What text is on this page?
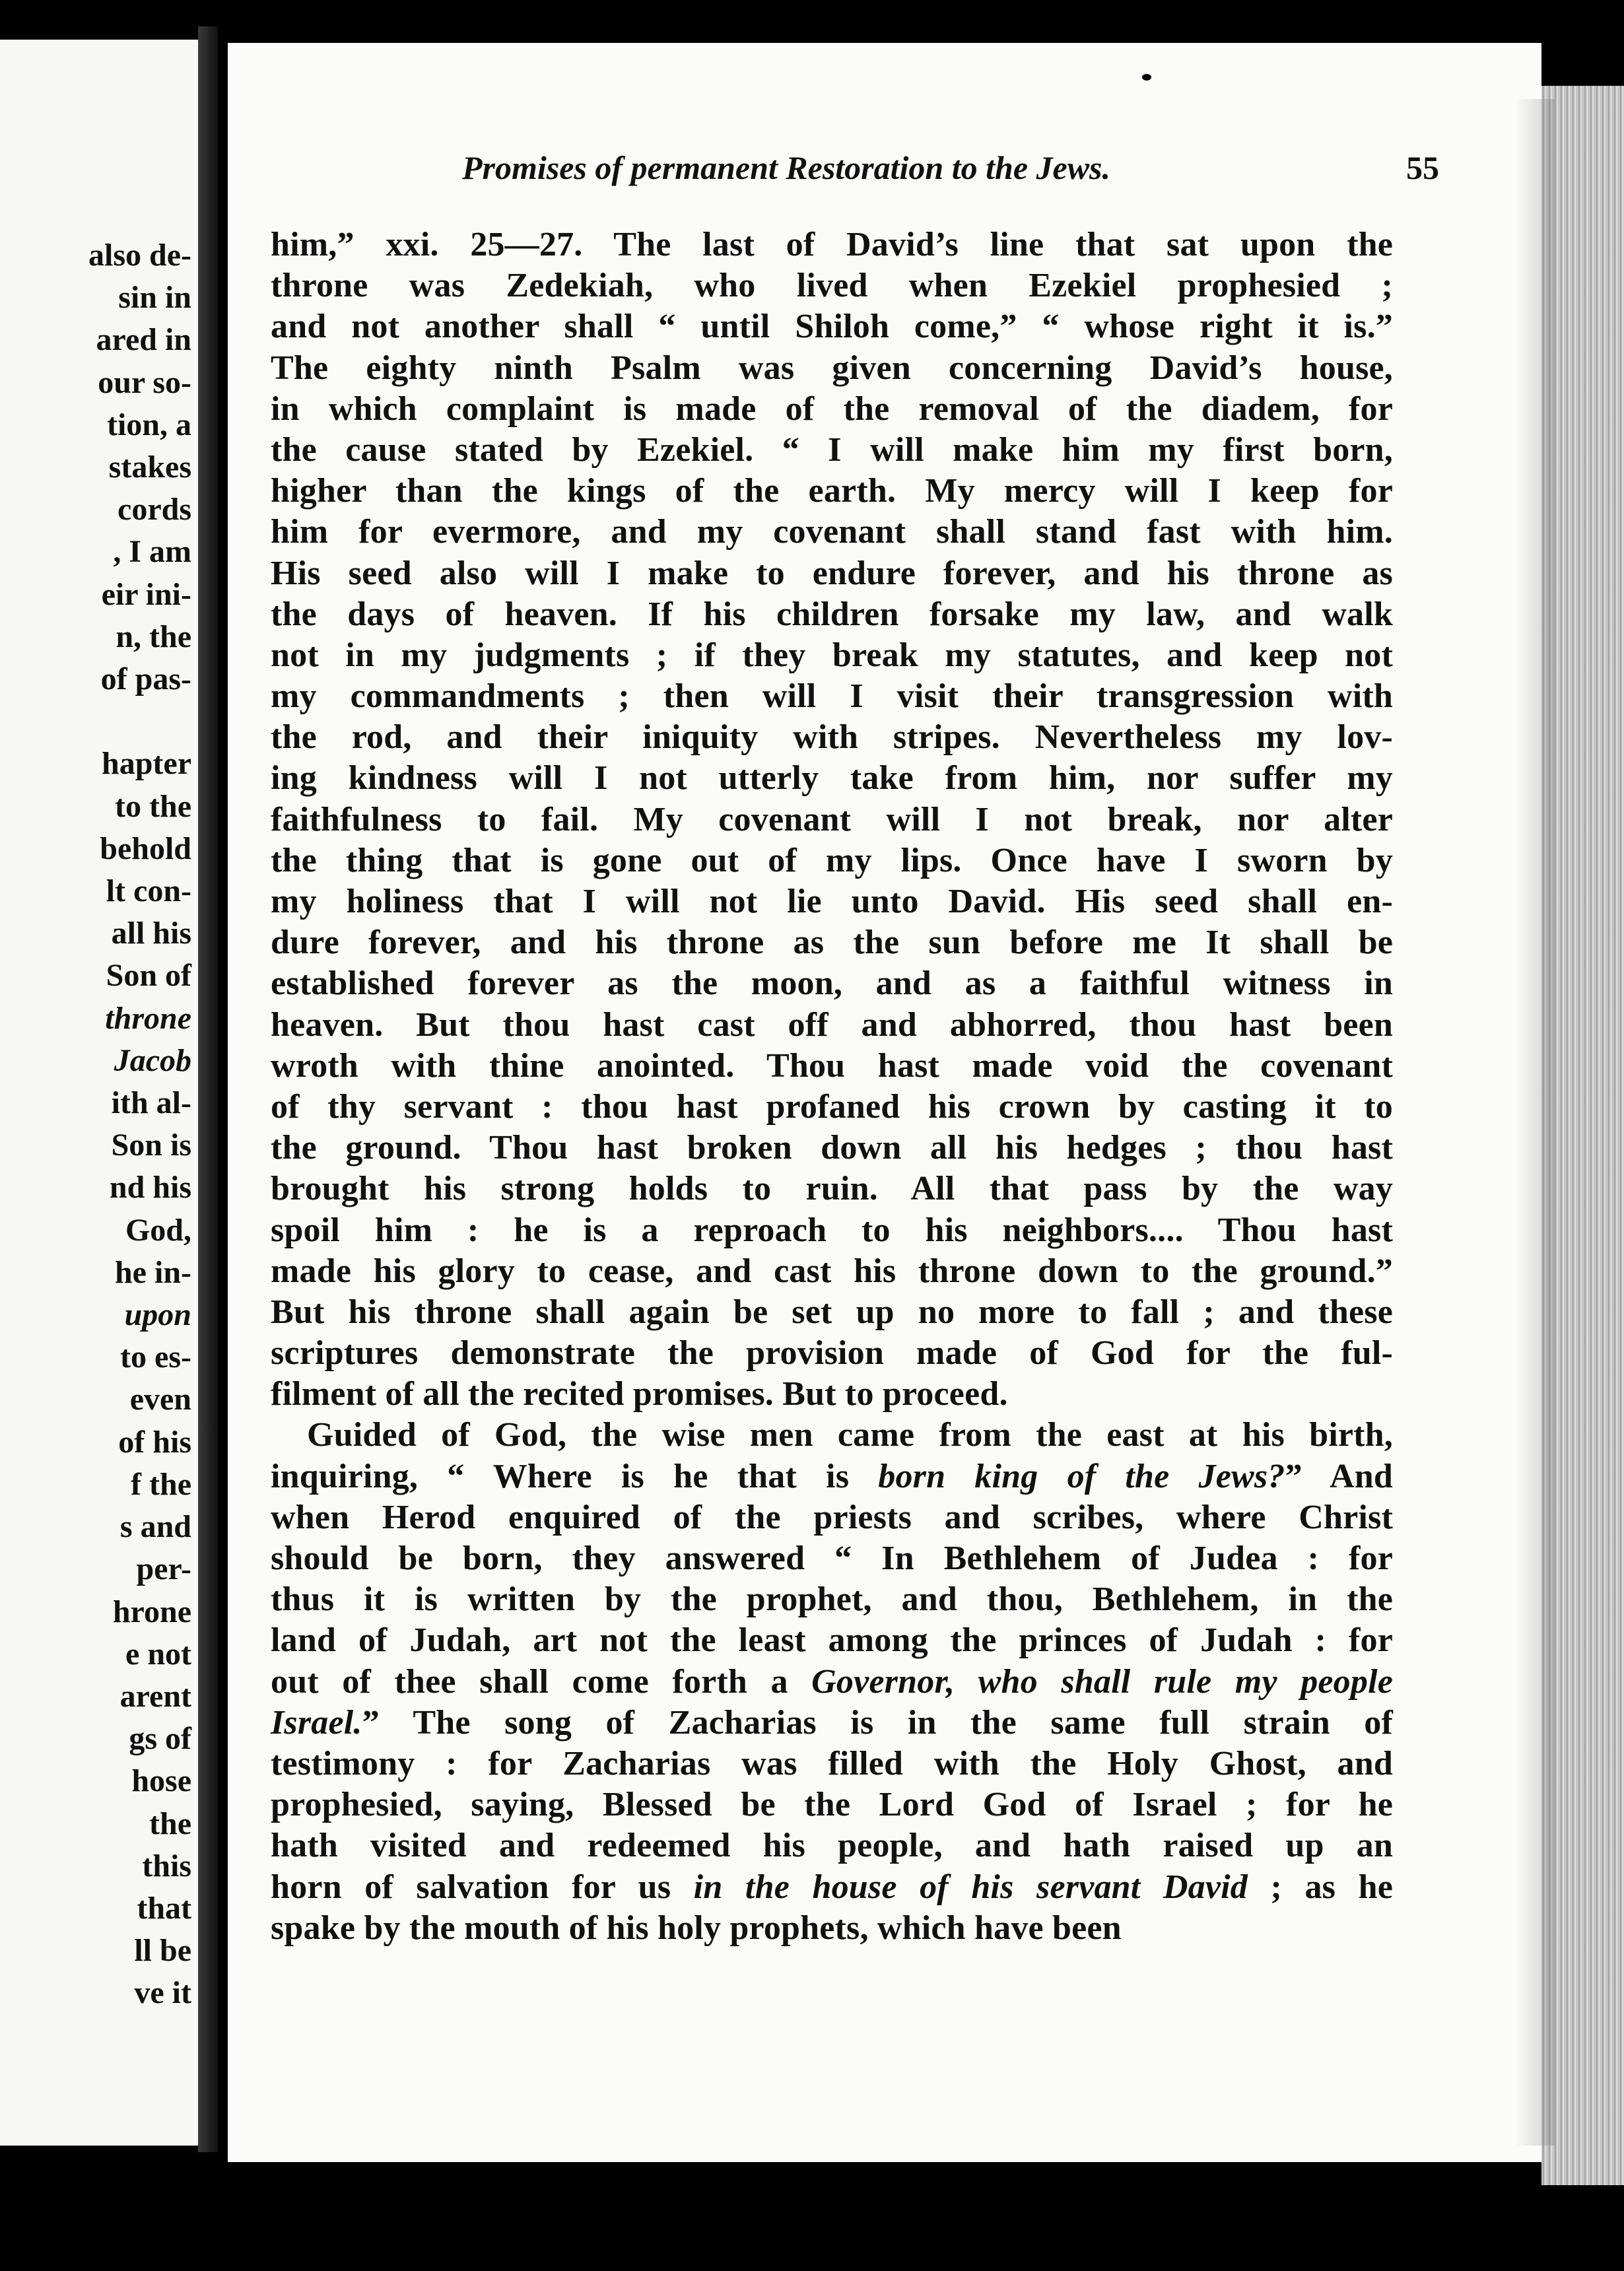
also de-
sin in
ared in
our so-
tion, a
stakes
cords
, I am
eir ini-
n, the
of pas-

hapter
to the
behold
lt con-
all his
Son of
throne
Jacob
ith al-
Son is
nd his
God,
he in-
upon
to es-
even
of his
f the
s and
per-
hrone
e not
arent
gs of
hose
the
this
that
ll be
ve it
Promises of permanent Restoration to the Jews.	55
him,” xxi. 25—27. The last of David’s line that sat upon the
throne was Zedekiah, who lived when Ezekiel prophesied ;
and not another shall “ until Shiloh come,” “ whose right it is.”
The eighty ninth Psalm was given concerning David’s house,
in which complaint is made of the removal of the diadem, for
the cause stated by Ezekiel. “ I will make him my first born,
higher than the kings of the earth. My mercy will I keep for
him for evermore, and my covenant shall stand fast with him.
His seed also will I make to endure forever, and his throne as
the days of heaven. If his children forsake my law, and walk
not in my judgments ; if they break my statutes, and keep not
my commandments ; then will I visit their transgression with
the rod, and their iniquity with stripes. Nevertheless my lov-
ing kindness will I not utterly take from him, nor suffer my
faithfulness to fail. My covenant will I not break, nor alter
the thing that is gone out of my lips. Once have I sworn by
my holiness that I will not lie unto David. His seed shall en-
dure forever, and his throne as the sun before me It shall be
established forever as the moon, and as a faithful witness in
heaven. But thou hast cast off and abhorred, thou hast been
wroth with thine anointed. Thou hast made void the covenant
of thy servant : thou hast profaned his crown by casting it to
the ground. Thou hast broken down all his hedges ; thou hast
brought his strong holds to ruin. All that pass by the way
spoil him : he is a reproach to his neighbors.... Thou hast
made his glory to cease, and cast his throne down to the ground.”
But his throne shall again be set up no more to fall ; and these
scriptures demonstrate the provision made of God for the ful-
filment of all the recited promises. But to proceed.
Guided of God, the wise men came from the east at his birth,
inquiring, “ Where is he that is born king of the Jews?” And
when Herod enquired of the priests and scribes, where Christ
should be born, they answered “ In Bethlehem of Judea : for
thus it is written by the prophet, and thou, Bethlehem, in the
land of Judah, art not the least among the princes of Judah : for
out of thee shall come forth a Governor, who shall rule my people
Israel.” The song of Zacharias is in the same full strain of
testimony : for Zacharias was filled with the Holy Ghost, and
prophesied, saying, Blessed be the Lord God of Israel ; for he
hath visited and redeemed his people, and hath raised up an
horn of salvation for us in the house of his servant David ; as he
spake by the mouth of his holy prophets, which have been
